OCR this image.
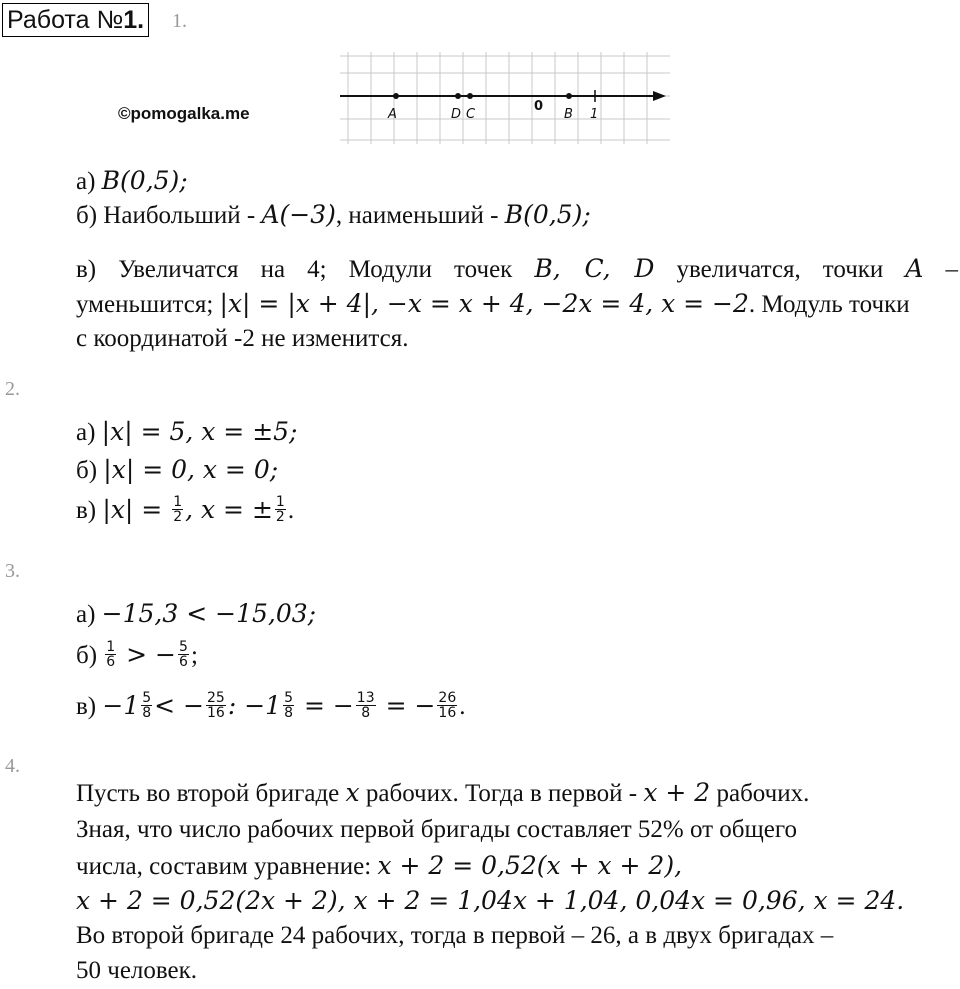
Работа №1. 1.
©pomogalka.me	A	D C
0
B 1
а) B(0,5);
б) Наибольший - A(−3), наименьший - B(0,5);
в) Увеличатся на 4; Модули точек B, C, D увеличатся, точки A –
уменьшится; |x| = |x + 4|, −x = x + 4, −2x = 4, x = −2. Модуль точки
с координатой -2 не изменится.
2.
а) |x| = 5, x = ±5;
б) |x| = 0, x = 0;
в) $|x| = \frac{1}{2}$ , x = ± $\frac{1}{2}$ .
3.
а) −15,3 < −15,03;
$б) \frac{1}{6}$ > − $\frac{5}{6}$ ;
$в) -1 \frac{5}{8}$ < − $\frac{25}{16}$ : $-1 \frac{5}{8}$ = − $\frac{13}{8}$ = − $\frac{26}{16}$ .
4.
Пусть во второй бригаде x рабочих. Тогда в первой - x + 2 рабочих.
Зная, что число рабочих первой бригады составляет 52% от общего
числа, составим уравнение: x + 2 = 0,52(x + x + 2),
x + 2 = 0,52(2x + 2), x + 2 = 1,04x + 1,04, 0,04x = 0,96, x = 24.
Во второй бригаде 24 рабочих, тогда в первой – 26, а в двух бригадах –
50 человек.
